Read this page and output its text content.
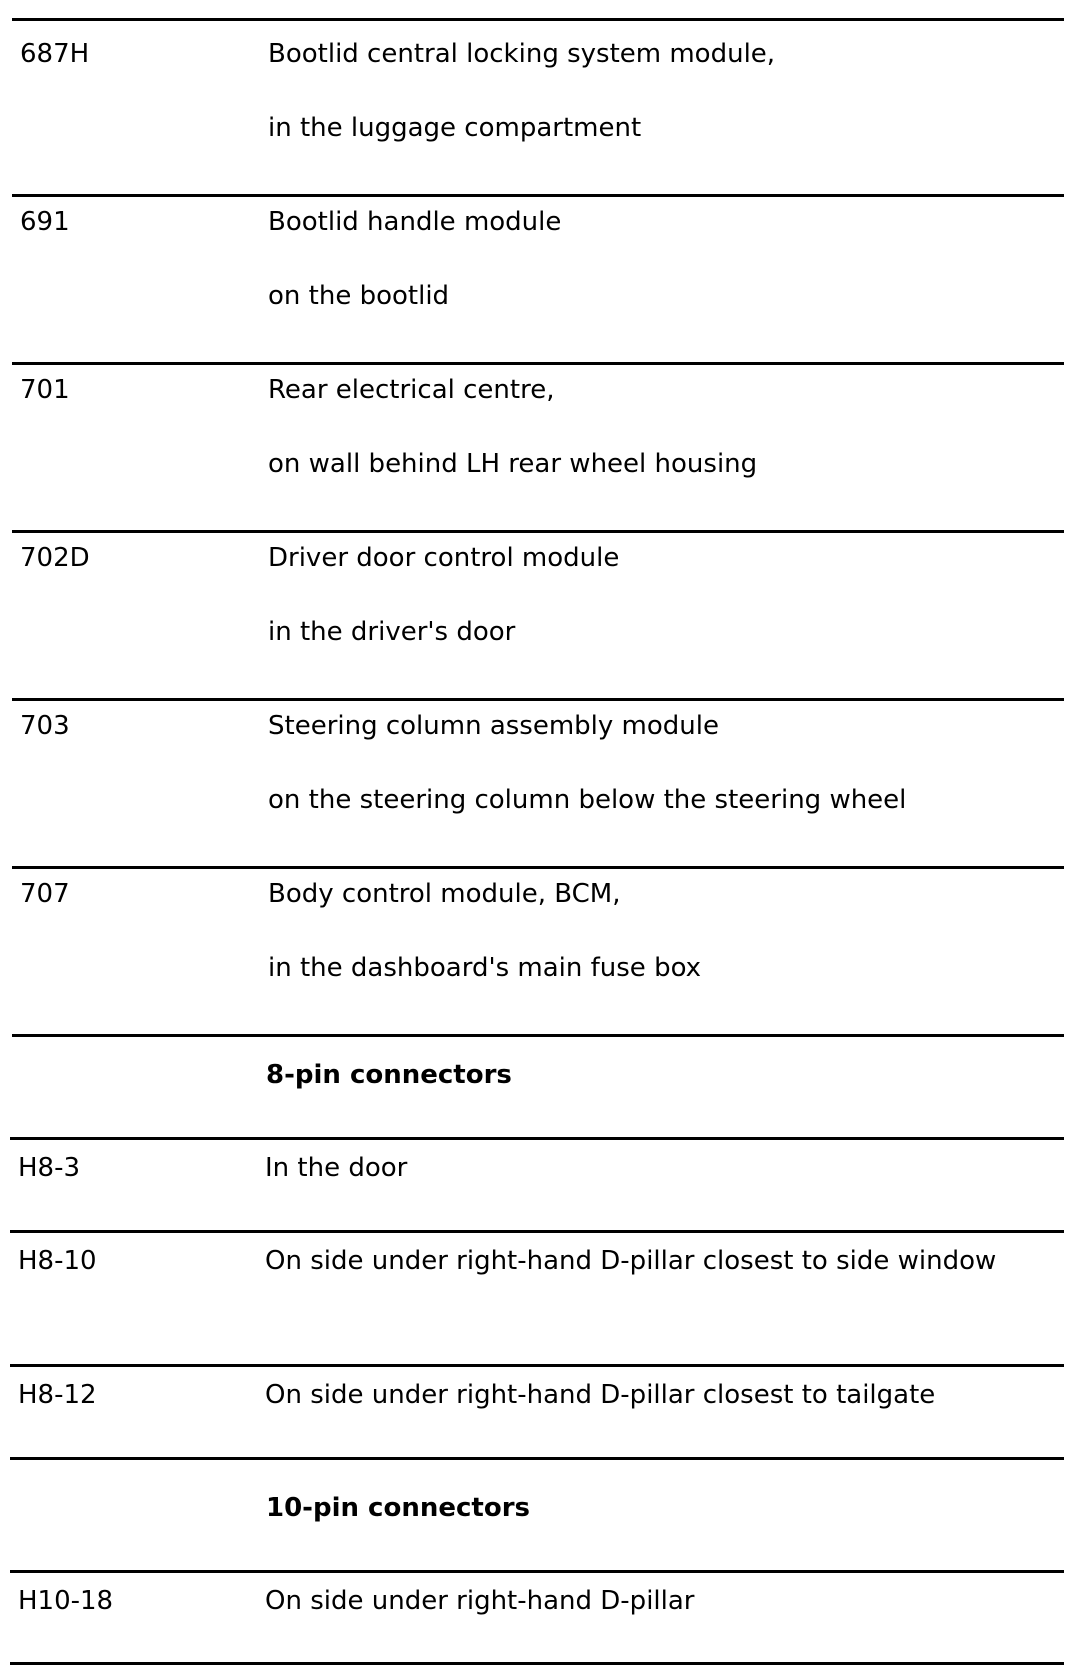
687H	Bootlid central locking system module,
in the luggage compartment
691	Bootlid handle module
on the bootlid
701	Rear electrical centre,
on wall behind LH rear wheel housing
702D	Driver door control module
in the driver's door
703	Steering column assembly module
on the steering column below the steering wheel
707	Body control module, BCM,
in the dashboard's main fuse box
8-pin connectors
H8-3	In the door
H8-10	On side under right-hand D-pillar closest to side window
H8-12	On side under right-hand D-pillar closest to tailgate
10-pin connectors
H10-18	On side under right-hand D-pillar
